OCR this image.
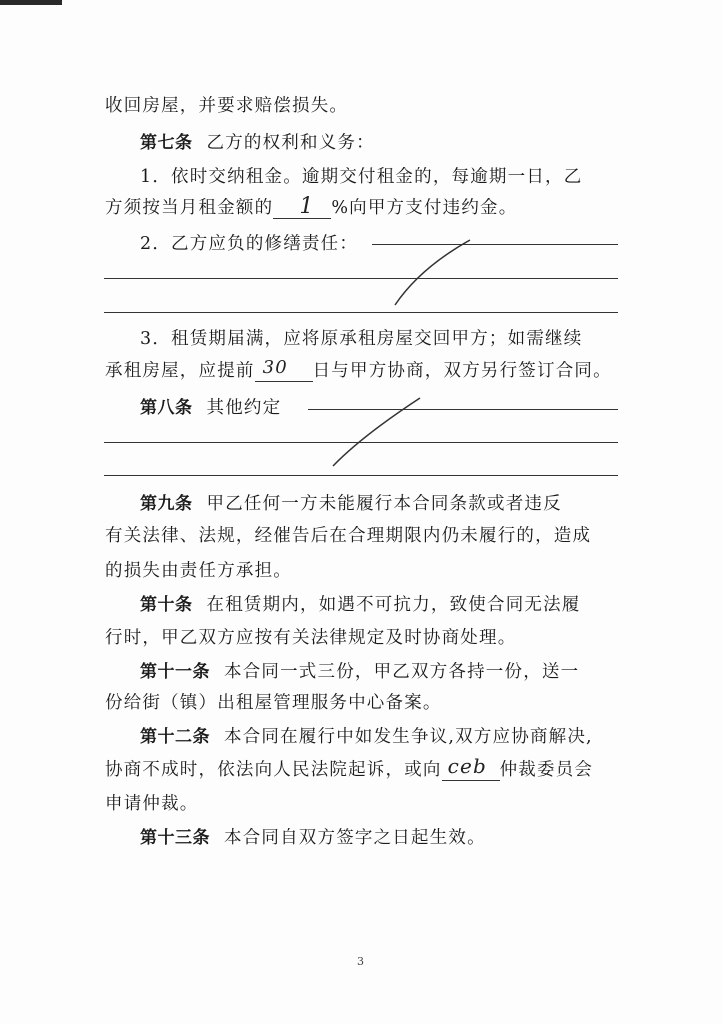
收回房屋，并要求赔偿损失。
第七条 乙方的权利和义务：
1．依时交纳租金。逾期交付租金的，每逾期一日，乙
方须按当月租金额的 1 %向甲方支付违约金。
2．乙方应负的修缮责任：
3．租赁期届满，应将原承租房屋交回甲方；如需继续
承租房屋，应提前 30 日与甲方协商，双方另行签订合同。
第八条 其他约定
第九条 甲乙任何一方未能履行本合同条款或者违反
有关法律、法规，经催告后在合理期限内仍未履行的，造成
的损失由责任方承担。
第十条 在租赁期内，如遇不可抗力，致使合同无法履
行时，甲乙双方应按有关法律规定及时协商处理。
第十一条 本合同一式三份，甲乙双方各持一份，送一
份给街（镇）出租屋管理服务中心备案。
第十二条 本合同在履行中如发生争议,双方应协商解决,
协商不成时，依法向人民法院起诉，或向 ceb 仲裁委员会
申请仲裁。
第十三条 本合同自双方签字之日起生效。
3
